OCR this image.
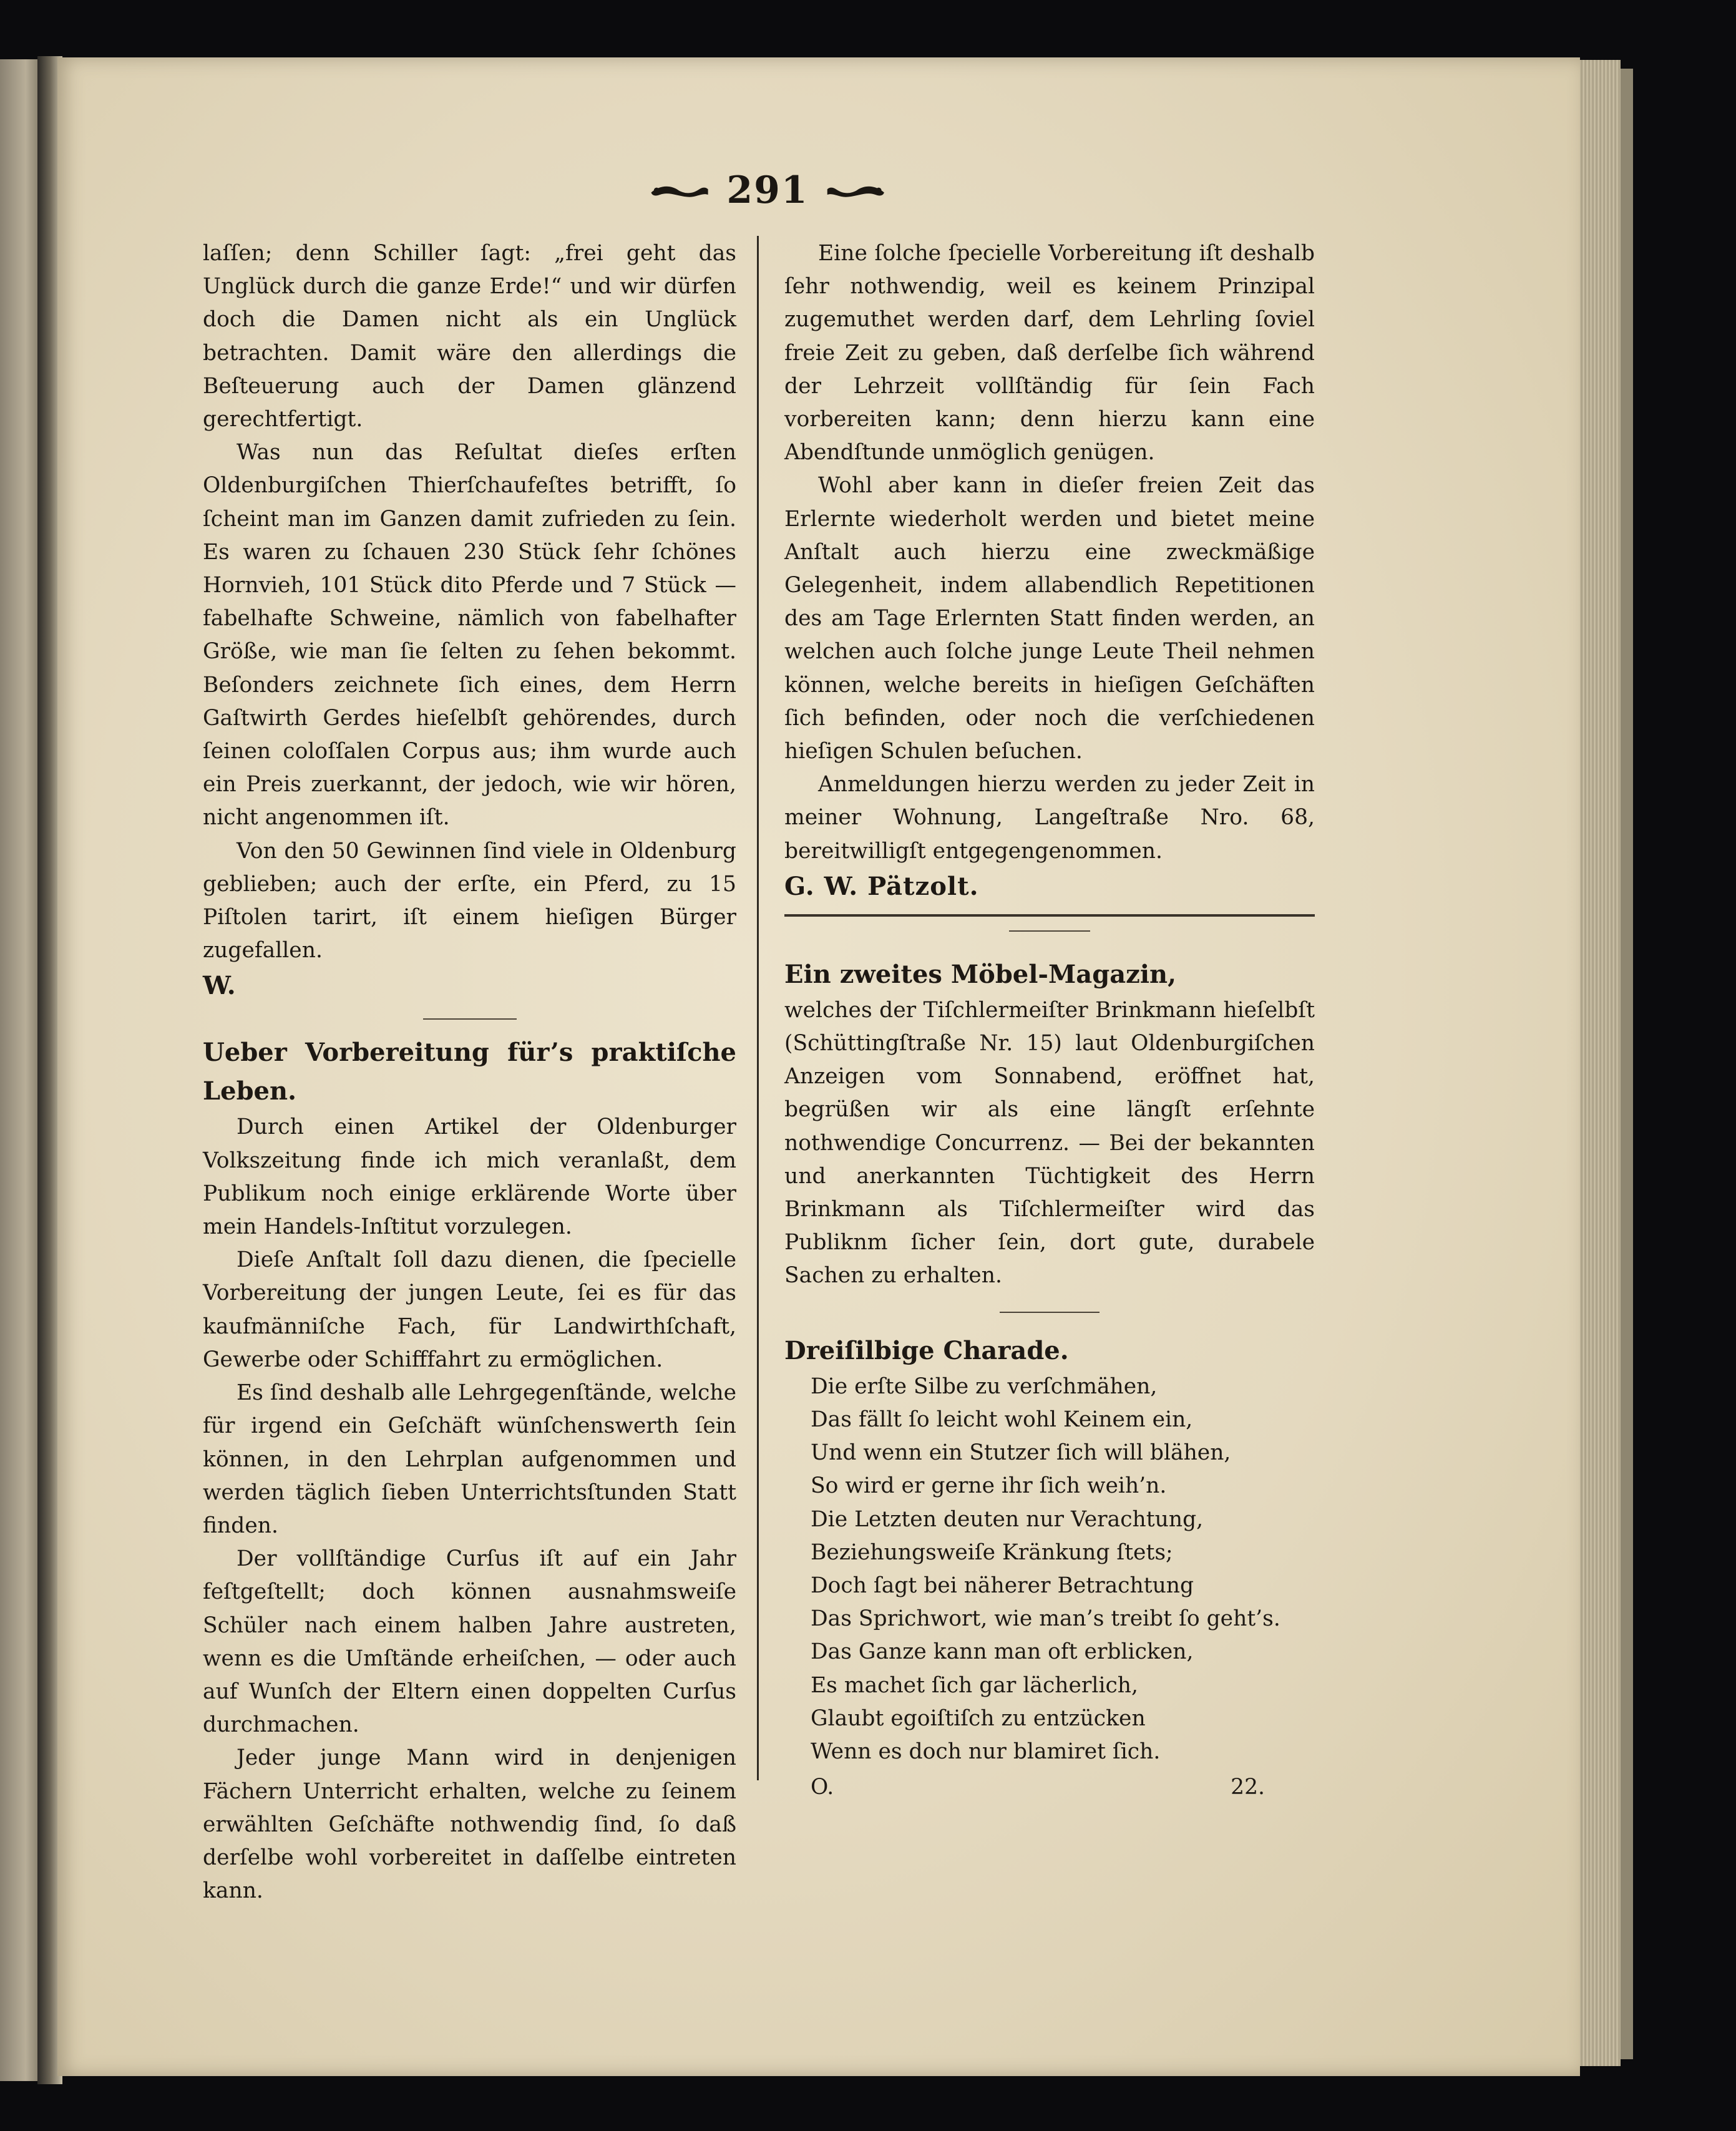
291

laſſen; denn Schiller ſagt: „frei geht das Unglück durch die ganze Erde!“ und wir dürfen doch die Damen nicht als ein Unglück betrachten. Damit wäre den allerdings die Beſteuerung auch der Damen glänzend gerechtfertigt.

Was nun das Reſultat dieſes erſten Oldenburgiſchen Thierſchaufeſtes betrifft, ſo ſcheint man im Ganzen damit zufrieden zu ſein. Es waren zu ſchauen 230 Stück ſehr ſchönes Hornvieh, 101 Stück dito Pferde und 7 Stück — fabelhafte Schweine, nämlich von fabelhafter Größe, wie man ſie ſelten zu ſehen bekommt. Beſonders zeichnete ſich eines, dem Herrn Gaſtwirth Gerdes hieſelbſt gehörendes, durch ſeinen coloſſalen Corpus aus; ihm wurde auch ein Preis zuerkannt, der jedoch, wie wir hören, nicht angenommen iſt.

Von den 50 Gewinnen ſind viele in Oldenburg geblieben; auch der erſte, ein Pferd, zu 15 Piſtolen tarirt, iſt einem hieſigen Bürger zugefallen.

W.

Ueber Vorbereitung für’s praktiſche Leben.

Durch einen Artikel der Oldenburger Volkszeitung finde ich mich veranlaßt, dem Publikum noch einige erklärende Worte über mein Handels-Inſtitut vorzulegen.

Dieſe Anſtalt ſoll dazu dienen, die ſpecielle Vorbereitung der jungen Leute, ſei es für das kaufmänniſche Fach, für Landwirthſchaft, Gewerbe oder Schifffahrt zu ermöglichen.

Es ſind deshalb alle Lehrgegenſtände, welche für irgend ein Geſchäft wünſchenswerth ſein können, in den Lehrplan aufgenommen und werden täglich ſieben Unterrichtsſtunden Statt finden.

Der vollſtändige Curſus iſt auf ein Jahr feſtgeſtellt; doch können ausnahmsweiſe Schüler nach einem halben Jahre austreten, wenn es die Umſtände erheiſchen, — oder auch auf Wunſch der Eltern einen doppelten Curſus durchmachen.

Jeder junge Mann wird in denjenigen Fächern Unterricht erhalten, welche zu ſeinem erwählten Geſchäfte nothwendig ſind, ſo daß derſelbe wohl vorbereitet in daſſelbe eintreten kann.

Eine ſolche ſpecielle Vorbereitung iſt deshalb ſehr nothwendig, weil es keinem Prinzipal zugemuthet werden darf, dem Lehrling ſoviel freie Zeit zu geben, daß derſelbe ſich während der Lehrzeit vollſtändig für ſein Fach vorbereiten kann; denn hierzu kann eine Abendſtunde unmöglich genügen.

Wohl aber kann in dieſer freien Zeit das Erlernte wiederholt werden und bietet meine Anſtalt auch hierzu eine zweckmäßige Gelegenheit, indem allabendlich Repetitionen des am Tage Erlernten Statt finden werden, an welchen auch ſolche junge Leute Theil nehmen können, welche bereits in hieſigen Geſchäften ſich befinden, oder noch die verſchiedenen hieſigen Schulen beſuchen.

Anmeldungen hierzu werden zu jeder Zeit in meiner Wohnung, Langeſtraße Nro. 68, bereitwilligſt entgegengenommen.

G. W. Pätzolt.

Ein zweites Möbel-Magazin,

welches der Tiſchlermeiſter Brinkmann hieſelbſt (Schüttingſtraße Nr. 15) laut Oldenburgiſchen Anzeigen vom Sonnabend, eröffnet hat, begrüßen wir als eine längſt erſehnte nothwendige Concurrenz. — Bei der bekannten und anerkannten Tüchtigkeit des Herrn Brinkmann als Tiſchlermeiſter wird das Publiknm ſicher ſein, dort gute, durabele Sachen zu erhalten.

Dreiſilbige Charade.

Die erſte Silbe zu verſchmähen,

Das fällt ſo leicht wohl Keinem ein,

Und wenn ein Stutzer ſich will blähen,

So wird er gerne ihr ſich weih’n.

Die Letzten deuten nur Verachtung,

Beziehungsweiſe Kränkung ſtets;

Doch ſagt bei näherer Betrachtung

Das Sprichwort, wie man’s treibt ſo geht’s.

Das Ganze kann man oft erblicken,

Es machet ſich gar lächerlich,

Glaubt egoiſtiſch zu entzücken

Wenn es doch nur blamiret ſich.

O.	22.
